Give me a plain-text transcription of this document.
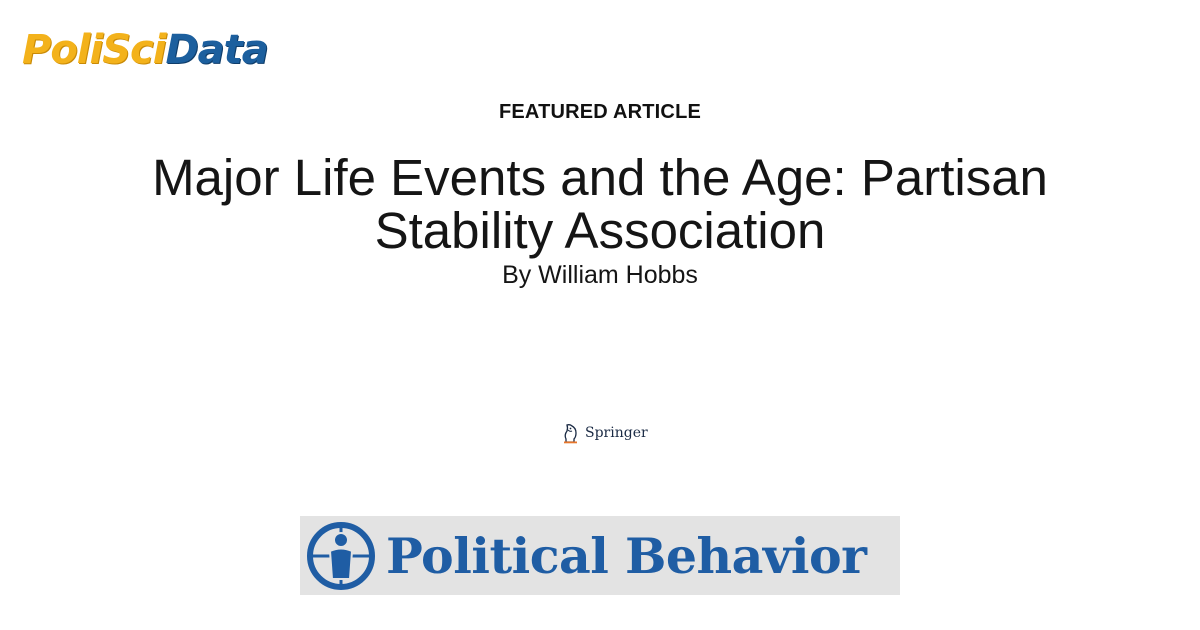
PoliSci Data
FEATURED ARTICLE
Major Life Events and the Age: Partisan Stability Association
By William Hobbs
Springer
Political Behavior
